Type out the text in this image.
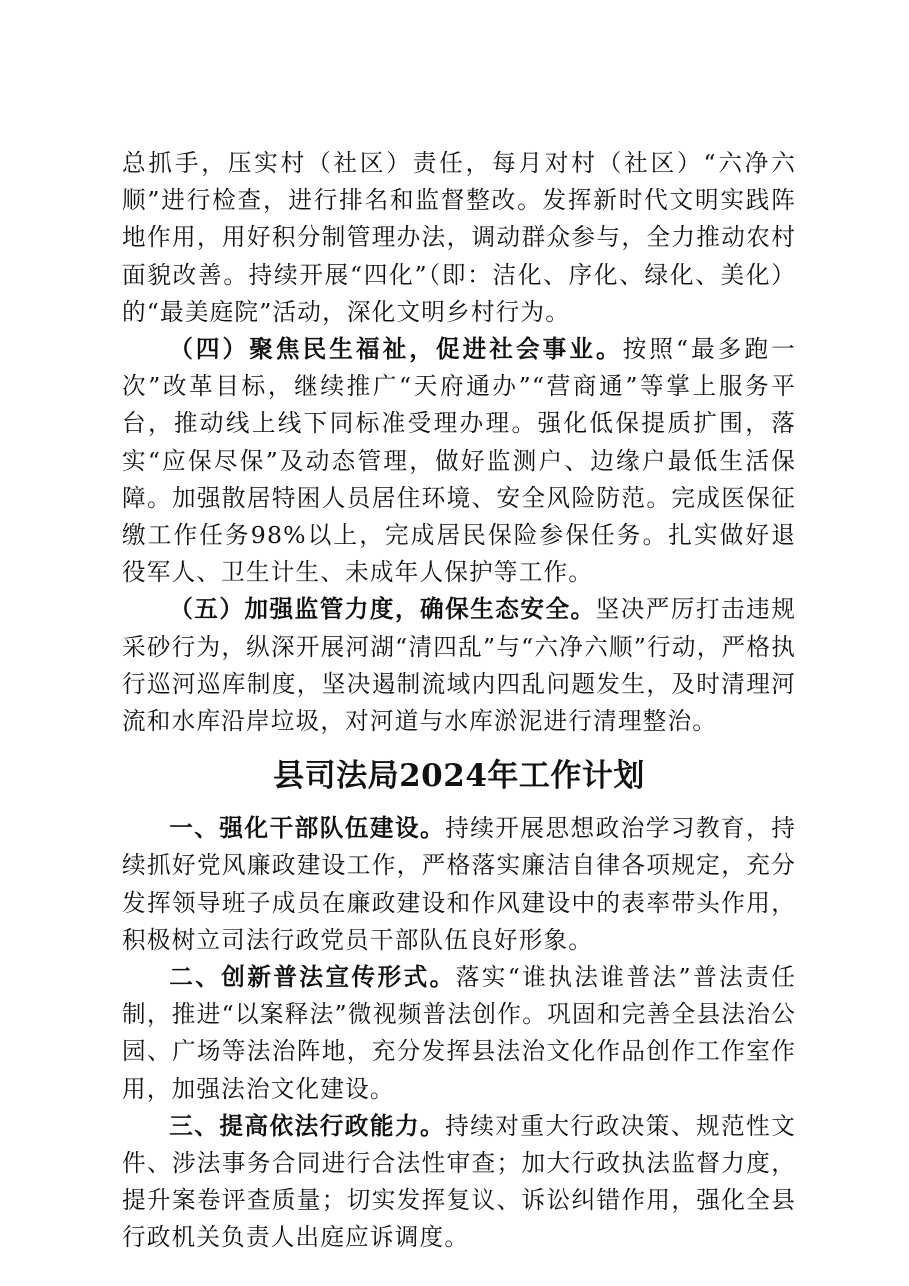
总抓手，压实村（社区）责任，每月对村（社区）“六净六顺”进行检查，进行排名和监督整改。发挥新时代文明实践阵地作用，用好积分制管理办法，调动群众参与，全力推动农村面貌改善。持续开展“四化”（即：洁化、序化、绿化、美化）的“最美庭院”活动，深化文明乡村行为。

（四）聚焦民生福祉，促进社会事业。按照“最多跑一次”改革目标，继续推广“天府通办”“营商通”等掌上服务平台，推动线上线下同标准受理办理。强化低保提质扩围，落实“应保尽保”及动态管理，做好监测户、边缘户最低生活保障。加强散居特困人员居住环境、安全风险防范。完成医保征缴工作任务98%以上，完成居民保险参保任务。扎实做好退役军人、卫生计生、未成年人保护等工作。

（五）加强监管力度，确保生态安全。坚决严厉打击违规采砂行为，纵深开展河湖“清四乱”与“六净六顺”行动，严格执行巡河巡库制度，坚决遏制流域内四乱问题发生，及时清理河流和水库沿岸垃圾，对河道与水库淤泥进行清理整治。

县司法局2024年工作计划

一、强化干部队伍建设。持续开展思想政治学习教育，持续抓好党风廉政建设工作，严格落实廉洁自律各项规定，充分发挥领导班子成员在廉政建设和作风建设中的表率带头作用，积极树立司法行政党员干部队伍良好形象。

二、创新普法宣传形式。落实“谁执法谁普法”普法责任制，推进“以案释法”微视频普法创作。巩固和完善全县法治公园、广场等法治阵地，充分发挥县法治文化作品创作工作室作用，加强法治文化建设。

三、提高依法行政能力。持续对重大行政决策、规范性文件、涉法事务合同进行合法性审查；加大行政执法监督力度，提升案卷评查质量；切实发挥复议、诉讼纠错作用，强化全县行政机关负责人出庭应诉调度。
